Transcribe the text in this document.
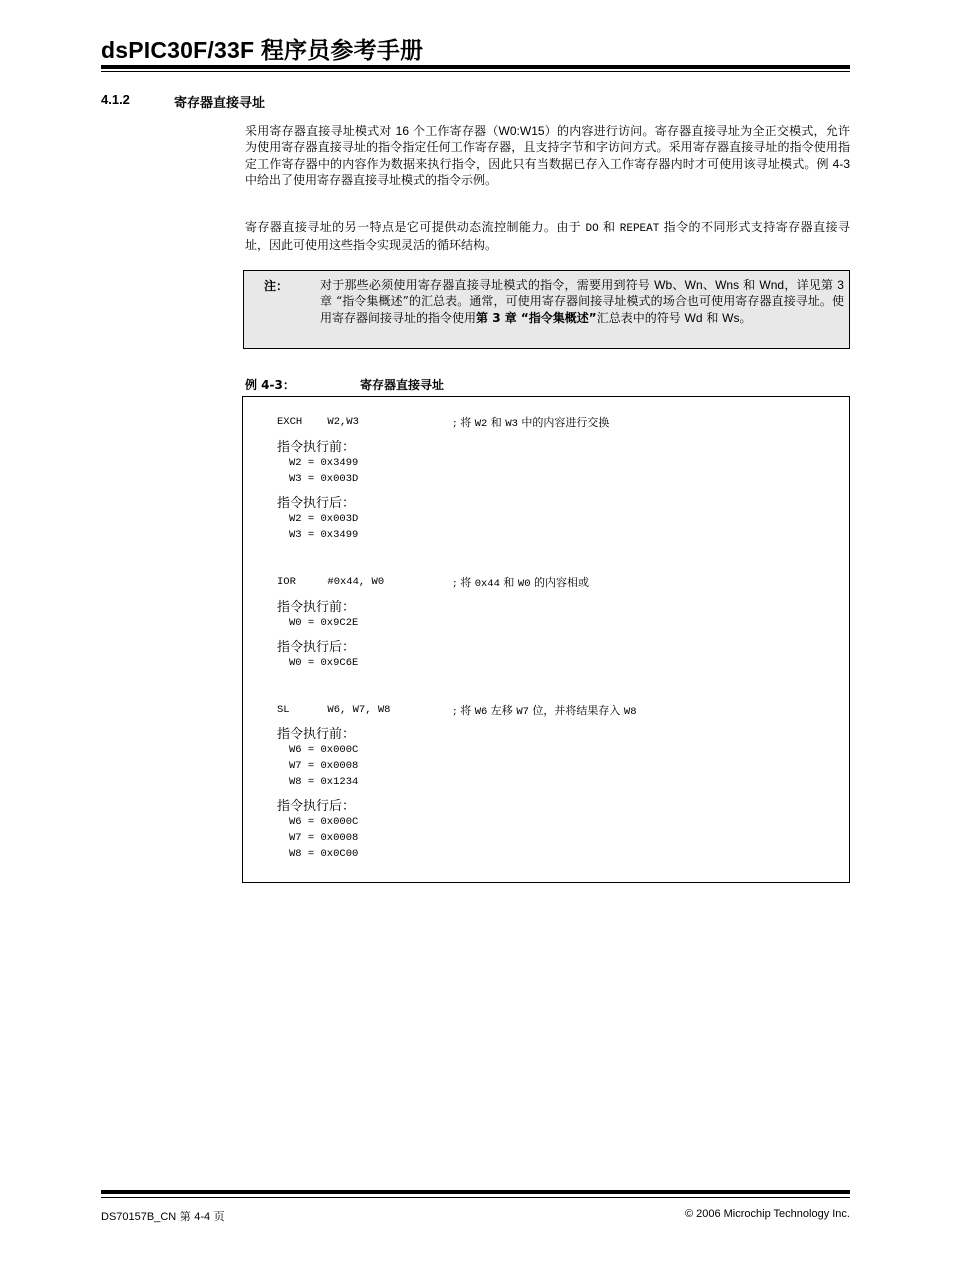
dsPIC30F/33F 程序员参考手册
4.1.2	寄存器直接寻址
采用寄存器直接寻址模式对 16 个工作寄存器（W0:W15）的内容进行访问。寄存器直接寻址为全正交模式，允许为使用寄存器直接寻址的指令指定任何工作寄存器，且支持字节和字访问方式。采用寄存器直接寻址的指令使用指定工作寄存器中的内容作为数据来执行指令，因此只有当数据已存入工作寄存器内时才可使用该寻址模式。例 4-3 中给出了使用寄存器直接寻址模式的指令示例。
寄存器直接寻址的另一特点是它可提供动态流控制能力。由于 DO 和 REPEAT 指令的不同形式支持寄存器直接寻址，因此可使用这些指令实现灵活的循环结构。
注：	对于那些必须使用寄存器直接寻址模式的指令，需要用到符号 Wb、Wn、Wns 和 Wnd，详见第 3 章 “指令集概述”的汇总表。通常，可使用寄存器间接寻址模式的场合也可使用寄存器直接寻址。使用寄存器间接寻址的指令使用第 3 章 “指令集概述”汇总表中的符号 Wd 和 Ws。
例 4-3：	寄存器直接寻址
EXCH    W2,W3	; 将 W2 和 W3 中的内容进行交换
指令执行前：
W2 = 0x3499
W3 = 0x003D
指令执行后：
W2 = 0x003D
W3 = 0x3499
IOR     #0x44, W0	; 将 0x44 和 W0 的内容相或
指令执行前：
W0 = 0x9C2E
指令执行后：
W0 = 0x9C6E
SL      W6, W7, W8	; 将 W6 左移 W7 位，并将结果存入 W8
指令执行前：
W6 = 0x000C
W7 = 0x0008
W8 = 0x1234
指令执行后：
W6 = 0x000C
W7 = 0x0008
W8 = 0x0C00
DS70157B_CN 第 4-4 页	© 2006 Microchip Technology Inc.
